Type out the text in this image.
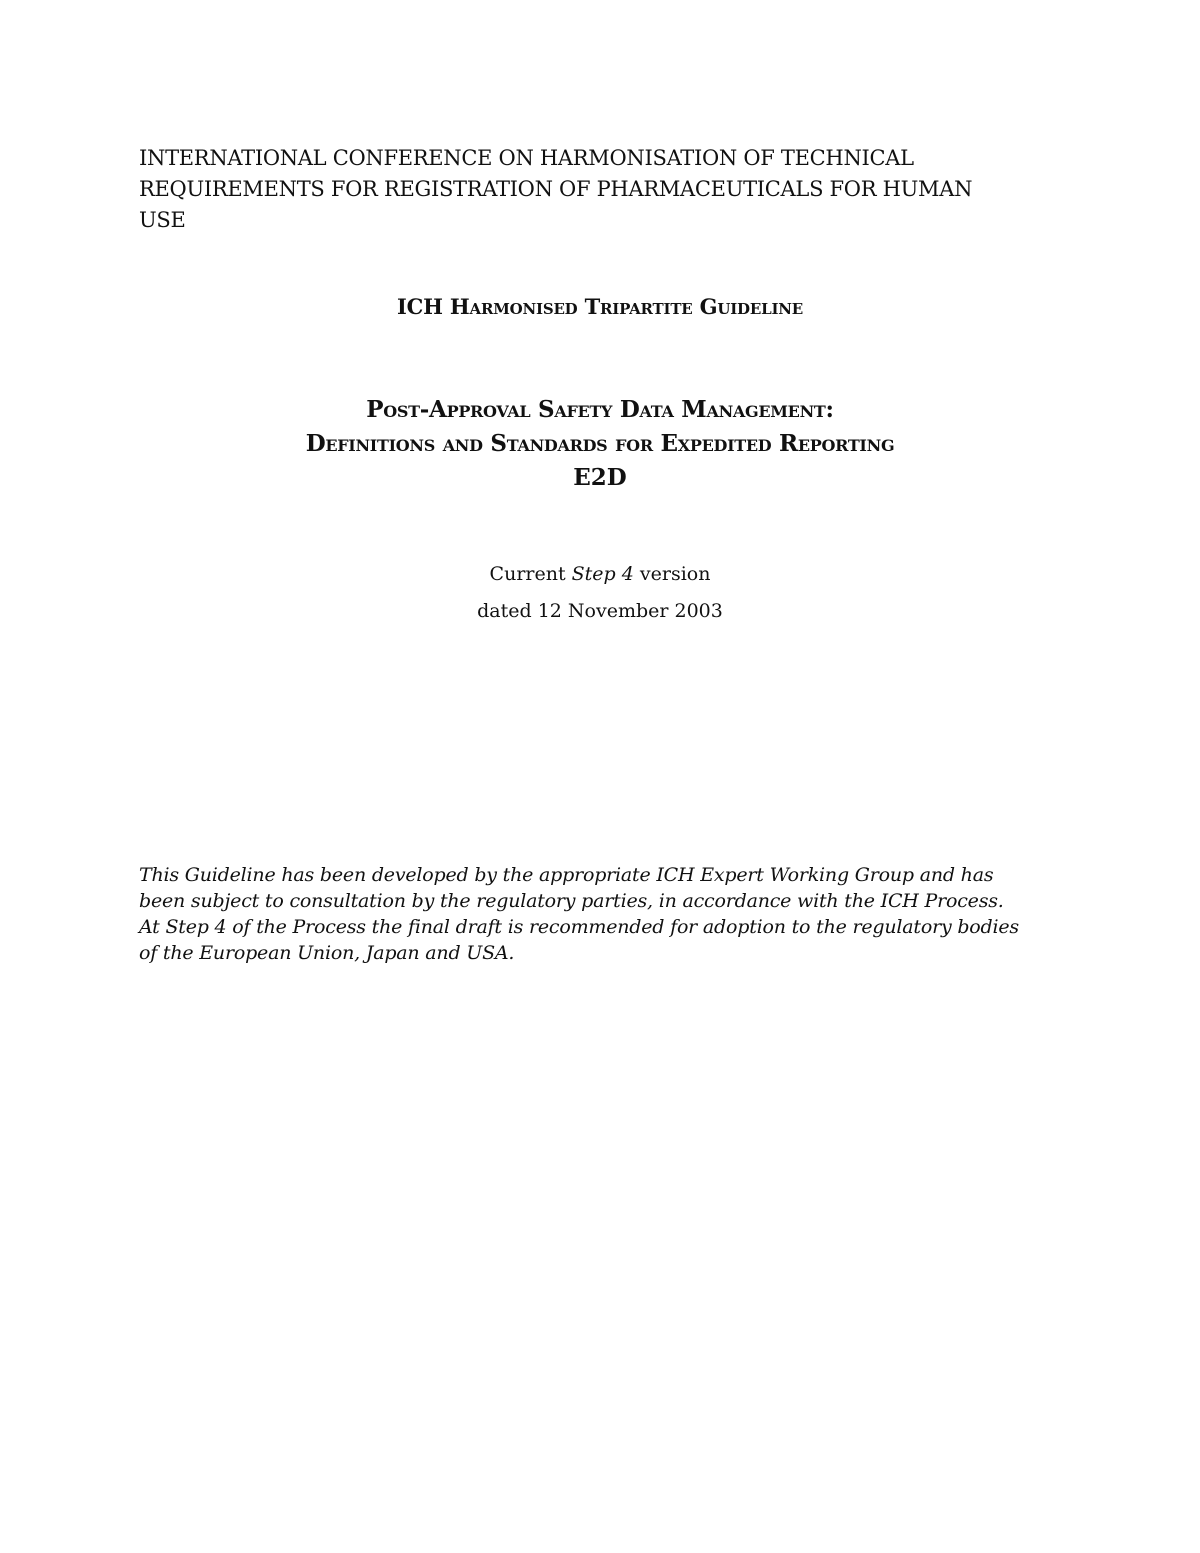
INTERNATIONAL CONFERENCE ON HARMONISATION OF TECHNICAL
REQUIREMENTS FOR REGISTRATION OF PHARMACEUTICALS FOR HUMAN
USE
ICH Harmonised Tripartite Guideline
Post-Approval Safety Data Management:
Definitions and Standards for Expedited Reporting
E2D

Current Step 4 version

dated 12 November 2003

This Guideline has been developed by the appropriate ICH Expert Working Group and has
been subject to consultation by the regulatory parties, in accordance with the ICH Process.
At Step 4 of the Process the final draft is recommended for adoption to the regulatory bodies
of the European Union, Japan and USA.
